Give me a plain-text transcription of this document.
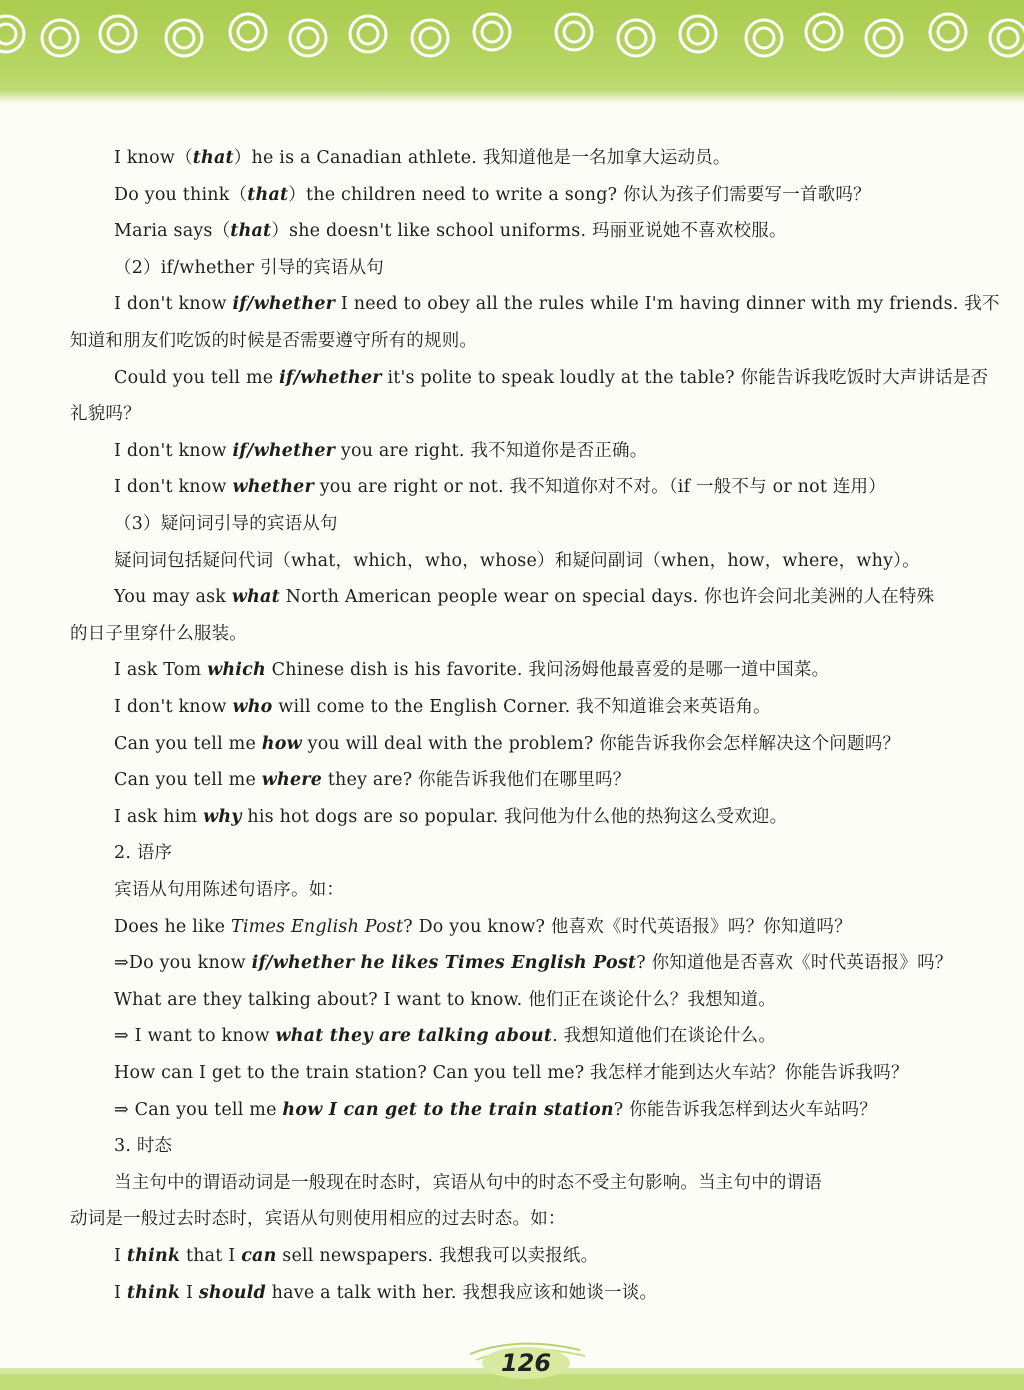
I know（that）he is a Canadian athlete. 我知道他是一名加拿大运动员。
Do you think（that）the children need to write a song? 你认为孩子们需要写一首歌吗？
Maria says（that）she doesn't like school uniforms. 玛丽亚说她不喜欢校服。
（2）if/whether 引导的宾语从句
I don't know if/whether I need to obey all the rules while I'm having dinner with my friends. 我不
知道和朋友们吃饭的时候是否需要遵守所有的规则。
Could you tell me if/whether it's polite to speak loudly at the table? 你能告诉我吃饭时大声讲话是否
礼貌吗？
I don't know if/whether you are right. 我不知道你是否正确。
I don't know whether you are right or not. 我不知道你对不对。（if 一般不与 or not 连用）
（3）疑问词引导的宾语从句
疑问词包括疑问代词（what，which，who，whose）和疑问副词（when，how，where，why）。
You may ask what North American people wear on special days. 你也许会问北美洲的人在特殊
的日子里穿什么服装。
I ask Tom which Chinese dish is his favorite. 我问汤姆他最喜爱的是哪一道中国菜。
I don't know who will come to the English Corner. 我不知道谁会来英语角。
Can you tell me how you will deal with the problem? 你能告诉我你会怎样解决这个问题吗？
Can you tell me where they are? 你能告诉我他们在哪里吗？
I ask him why his hot dogs are so popular. 我问他为什么他的热狗这么受欢迎。
2. 语序
宾语从句用陈述句语序。如：
Does he like Times English Post? Do you know? 他喜欢《时代英语报》吗？你知道吗？
⇒Do you know if/whether he likes Times English Post? 你知道他是否喜欢《时代英语报》吗？
What are they talking about? I want to know. 他们正在谈论什么？我想知道。
⇒ I want to know what they are talking about. 我想知道他们在谈论什么。
How can I get to the train station? Can you tell me? 我怎样才能到达火车站？你能告诉我吗？
⇒ Can you tell me how I can get to the train station? 你能告诉我怎样到达火车站吗？
3. 时态
当主句中的谓语动词是一般现在时态时，宾语从句中的时态不受主句影响。当主句中的谓语
动词是一般过去时态时，宾语从句则使用相应的过去时态。如：
I think that I can sell newspapers. 我想我可以卖报纸。
I think I should have a talk with her. 我想我应该和她谈一谈。
126
